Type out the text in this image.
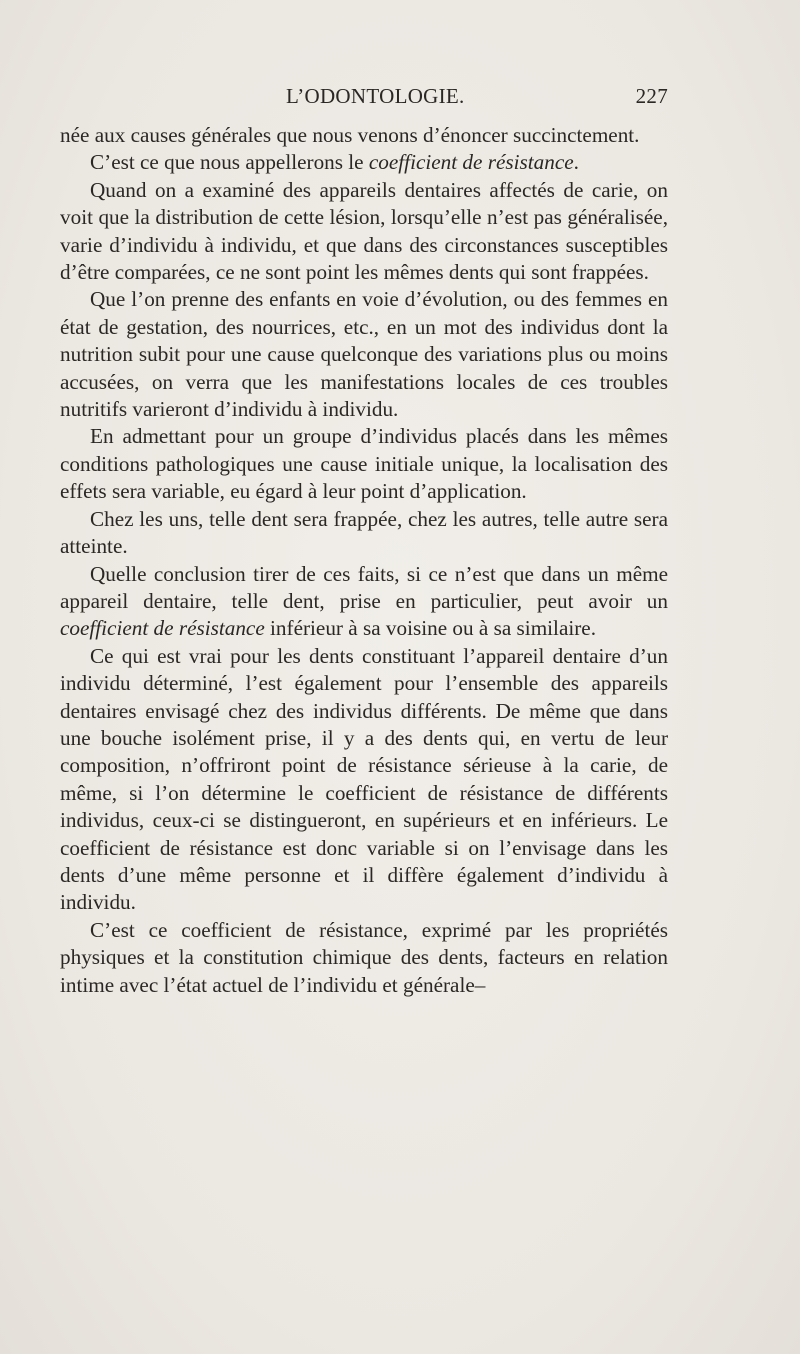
L’ODONTOLOGIE.	227

née aux causes générales que nous venons d’énoncer succinctement.

C’est ce que nous appellerons le coefficient de résistance.

Quand on a examiné des appareils dentaires affectés de carie, on voit que la distribution de cette lésion, lorsqu’elle n’est pas généralisée, varie d’individu à individu, et que dans des circonstances susceptibles d’être comparées, ce ne sont point les mêmes dents qui sont frappées.

Que l’on prenne des enfants en voie d’évolution, ou des femmes en état de gestation, des nourrices, etc., en un mot des individus dont la nutrition subit pour une cause quelconque des variations plus ou moins accusées, on verra que les manifestations locales de ces troubles nutritifs varieront d’individu à individu.

En admettant pour un groupe d’individus placés dans les mêmes conditions pathologiques une cause initiale unique, la localisation des effets sera variable, eu égard à leur point d’application.

Chez les uns, telle dent sera frappée, chez les autres, telle autre sera atteinte.

Quelle conclusion tirer de ces faits, si ce n’est que dans un même appareil dentaire, telle dent, prise en particulier, peut avoir un coefficient de résistance inférieur à sa voisine ou à sa similaire.

Ce qui est vrai pour les dents constituant l’appareil dentaire d’un individu déterminé, l’est également pour l’ensemble des appareils dentaires envisagé chez des individus différents. De même que dans une bouche isolément prise, il y a des dents qui, en vertu de leur composition, n’offriront point de résistance sérieuse à la carie, de même, si l’on détermine le coefficient de résistance de différents individus, ceux-ci se distingueront, en supérieurs et en inférieurs. Le coefficient de résistance est donc variable si on l’envisage dans les dents d’une même personne et il diffère également d’individu à individu.

C’est ce coefficient de résistance, exprimé par les propriétés physiques et la constitution chimique des dents, facteurs en relation intime avec l’état actuel de l’individu et générale–
